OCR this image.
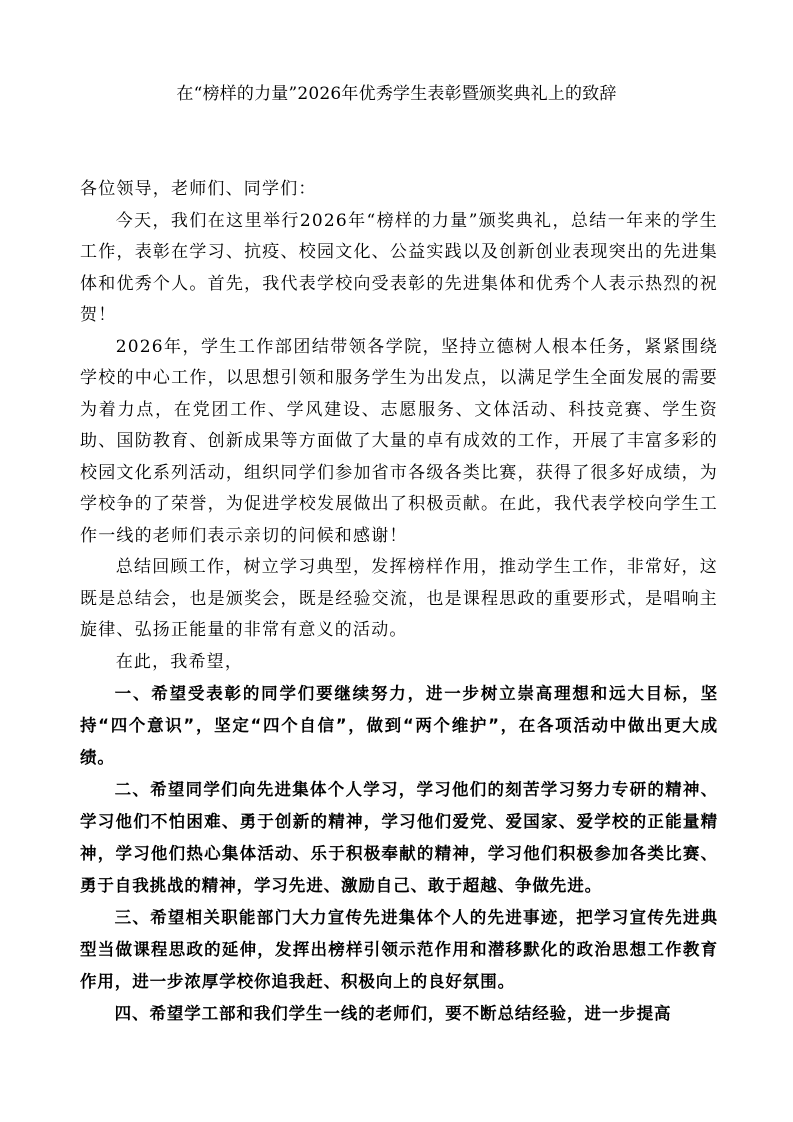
在“榜样的力量”2026年优秀学生表彰暨颁奖典礼上的致辞

各位领导，老师们、同学们：

今天，我们在这里举行2026年“榜样的力量”颁奖典礼，总结一年来的学生工作，表彰在学习、抗疫、校园文化、公益实践以及创新创业表现突出的先进集体和优秀个人。首先，我代表学校向受表彰的先进集体和优秀个人表示热烈的祝贺！

2026年，学生工作部团结带领各学院，坚持立德树人根本任务，紧紧围绕学校的中心工作，以思想引领和服务学生为出发点，以满足学生全面发展的需要为着力点，在党团工作、学风建设、志愿服务、文体活动、科技竞赛、学生资助、国防教育、创新成果等方面做了大量的卓有成效的工作，开展了丰富多彩的校园文化系列活动，组织同学们参加省市各级各类比赛，获得了很多好成绩，为学校争的了荣誉，为促进学校发展做出了积极贡献。在此，我代表学校向学生工作一线的老师们表示亲切的问候和感谢！

总结回顾工作，树立学习典型，发挥榜样作用，推动学生工作，非常好，这既是总结会，也是颁奖会，既是经验交流，也是课程思政的重要形式，是唱响主旋律、弘扬正能量的非常有意义的活动。

在此，我希望，

一、希望受表彰的同学们要继续努力，进一步树立崇高理想和远大目标，坚持“四个意识”，坚定“四个自信”，做到“两个维护”，在各项活动中做出更大成绩。

二、希望同学们向先进集体个人学习，学习他们的刻苦学习努力专研的精神、学习他们不怕困难、勇于创新的精神，学习他们爱党、爱国家、爱学校的正能量精神，学习他们热心集体活动、乐于积极奉献的精神，学习他们积极参加各类比赛、勇于自我挑战的精神，学习先进、激励自己、敢于超越、争做先进。

三、希望相关职能部门大力宣传先进集体个人的先进事迹，把学习宣传先进典型当做课程思政的延伸，发挥出榜样引领示范作用和潜移默化的政治思想工作教育作用，进一步浓厚学校你追我赶、积极向上的良好氛围。

四、希望学工部和我们学生一线的老师们，要不断总结经验，进一步提高
